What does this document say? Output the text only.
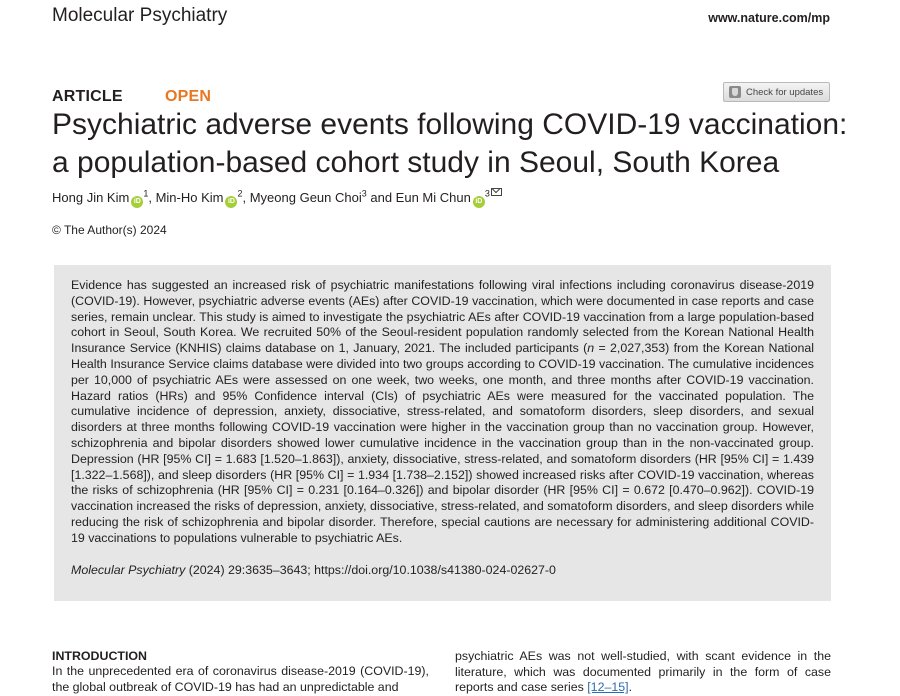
Molecular Psychiatry	www.nature.com/mp
ARTICLE	OPEN	Check for updates
Psychiatric adverse events following COVID-19 vaccination: a population-based cohort study in Seoul, South Korea
Hong Jin Kim $iD^1$, Min-Ho Kim $iD^2$, Myeong Geun Choi$^3$ and Eun Mi Chun $iD^3$
© The Author(s) 2024

Evidence has suggested an increased risk of psychiatric manifestations following viral infections including coronavirus disease-2019 (COVID-19). However, psychiatric adverse events (AEs) after COVID-19 vaccination, which were documented in case reports and case series, remain unclear. This study is aimed to investigate the psychiatric AEs after COVID-19 vaccination from a large population-based cohort in Seoul, South Korea. We recruited 50% of the Seoul-resident population randomly selected from the Korean National Health Insurance Service (KNHIS) claims database on 1, January, 2021. The included participants (n = 2,027,353) from the Korean National Health Insurance Service claims database were divided into two groups according to COVID-19 vaccination. The cumulative incidences per 10,000 of psychiatric AEs were assessed on one week, two weeks, one month, and three months after COVID-19 vaccination. Hazard ratios (HRs) and 95% Confidence interval (CIs) of psychiatric AEs were measured for the vaccinated population. The cumulative incidence of depression, anxiety, dissociative, stress-related, and somatoform disorders, sleep disorders, and sexual disorders at three months following COVID-19 vaccination were higher in the vaccination group than no vaccination group. However, schizophrenia and bipolar disorders showed lower cumulative incidence in the vaccination group than in the non-vaccinated group. Depression (HR [95% CI] = 1.683 [1.520–1.863]), anxiety, dissociative, stress-related, and somatoform disorders (HR [95% CI] = 1.439 [1.322–1.568]), and sleep disorders (HR [95% CI] = 1.934 [1.738–2.152]) showed increased risks after COVID-19 vaccination, whereas the risks of schizophrenia (HR [95% CI] = 0.231 [0.164–0.326]) and bipolar disorder (HR [95% CI] = 0.672 [0.470–0.962]). COVID-19 vaccination increased the risks of depression, anxiety, dissociative, stress-related, and somatoform disorders, and sleep disorders while reducing the risk of schizophrenia and bipolar disorder. Therefore, special cautions are necessary for administering additional COVID-19 vaccinations to populations vulnerable to psychiatric AEs.

Molecular Psychiatry (2024) 29:3635–3643; https://doi.org/10.1038/s41380-024-02627-0
INTRODUCTION

In the unprecedented era of coronavirus disease-2019 (COVID-19), the global outbreak of COVID-19 has had an unpredictable and

psychiatric AEs was not well-studied, with scant evidence in the literature, which was documented primarily in the form of case reports and case series [12–15].
